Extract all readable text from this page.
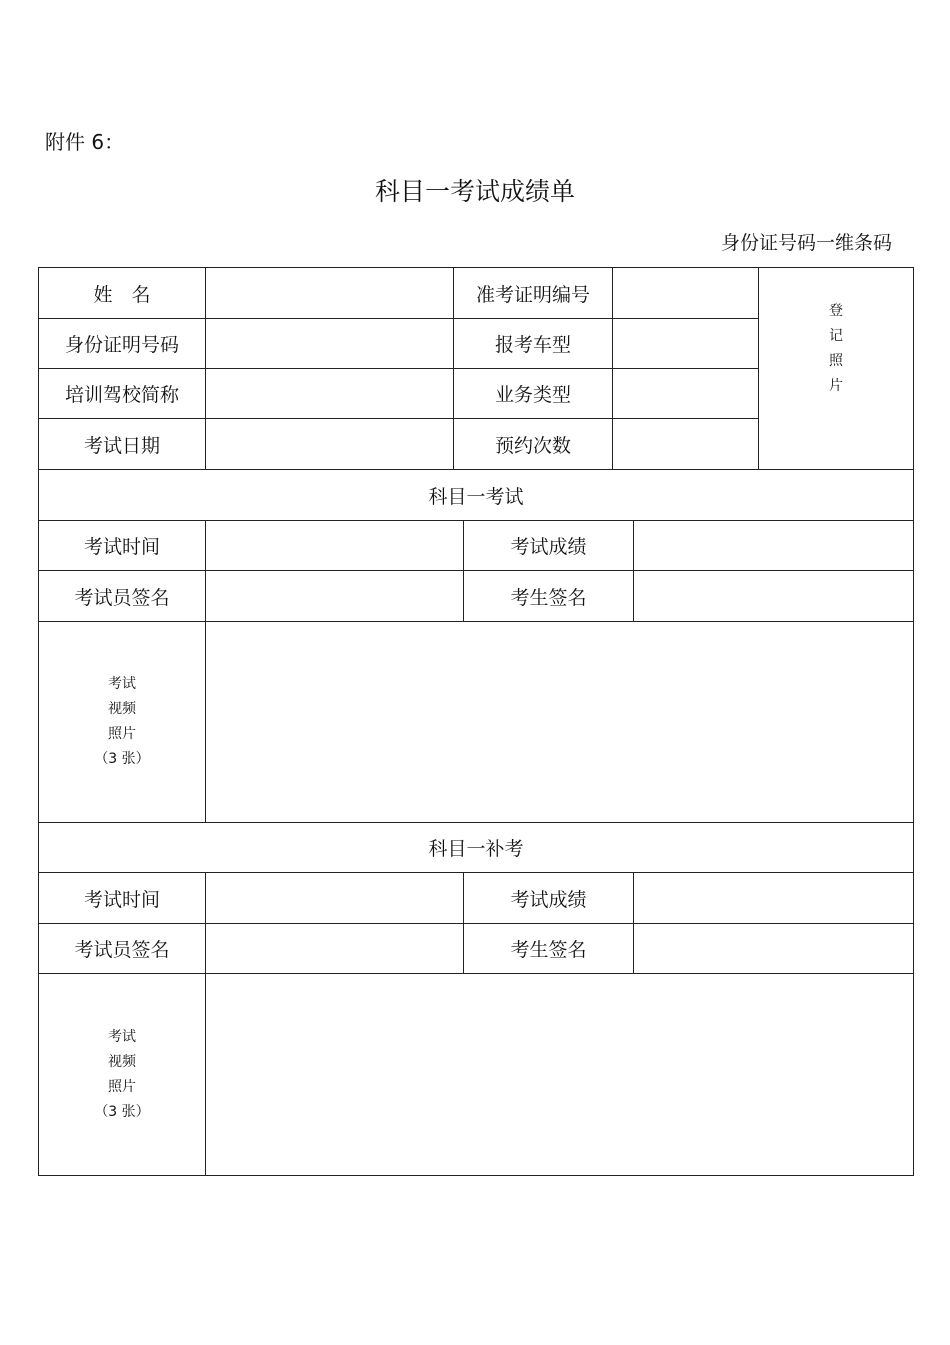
附件 6：
科目一考试成绩单
身份证号码一维条码
姓　名		准考证明编号		登
记
照
片

身份证明号码		报考车型		
培训驾校简称		业务类型		
考试日期		预约次数		
科目一考试			
考试时间		考试成绩	
考试员签名		考生签名	

考试
视频
照片
（3 张）			

科目一补考			
考试时间		考试成绩	
考试员签名		考生签名	

考试
视频
照片
（3 张）			
